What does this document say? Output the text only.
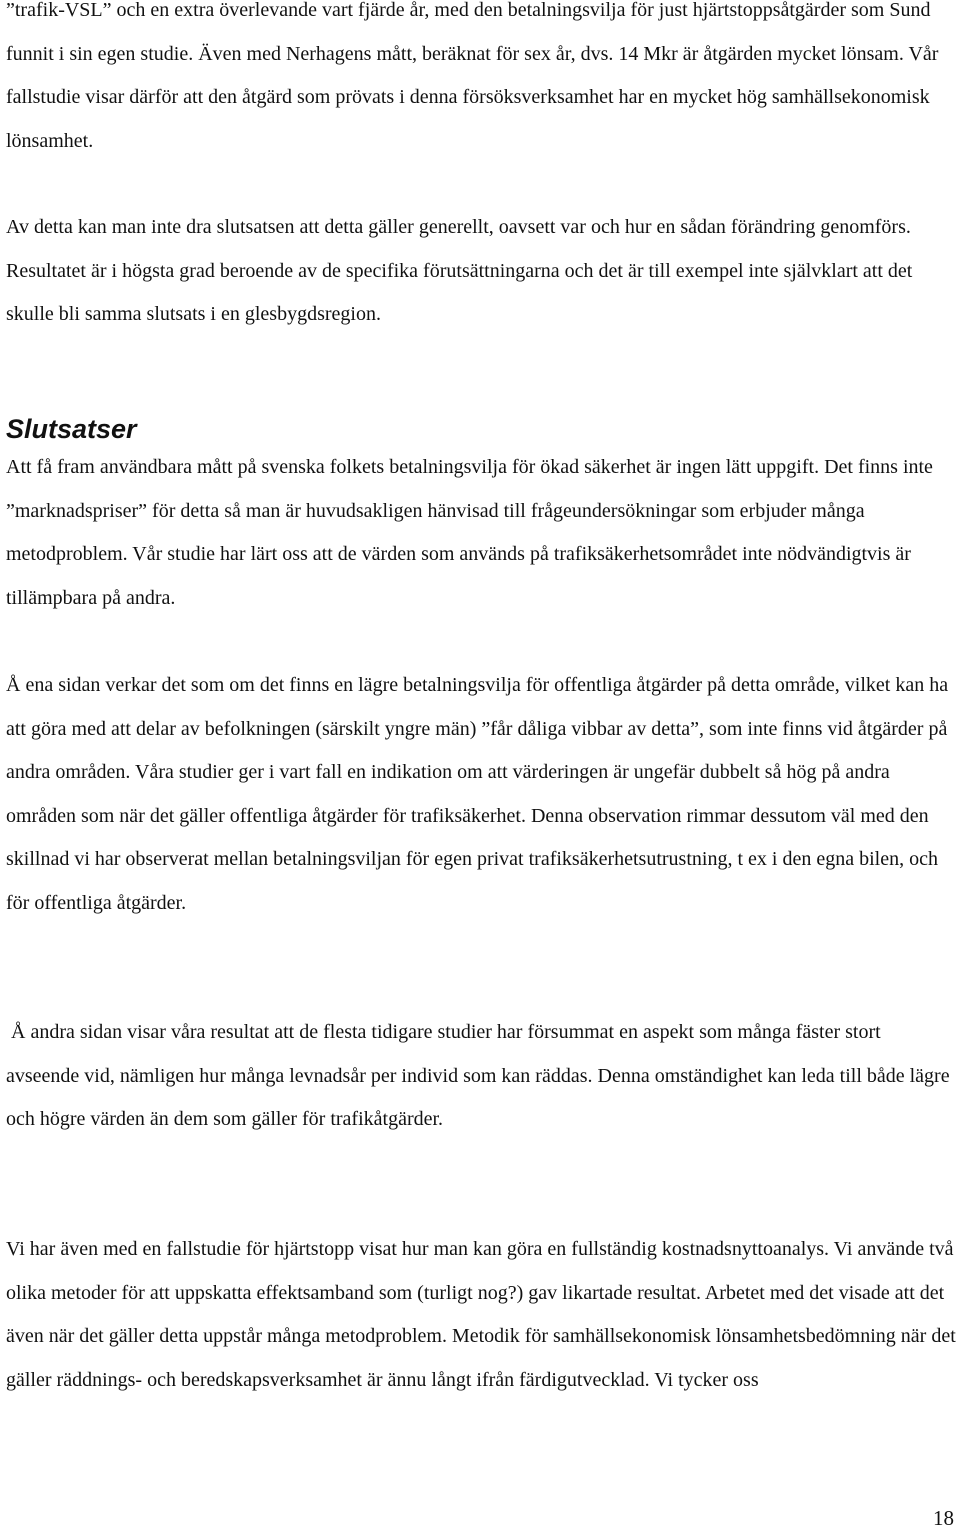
”trafik-VSL” och en extra överlevande vart fjärde år, med den betalningsvilja för just hjärtstoppsåtgärder som Sund funnit i sin egen studie. Även med Nerhagens mått, beräknat för sex år, dvs. 14 Mkr är åtgärden mycket lönsam. Vår fallstudie visar därför att den åtgärd som prövats i denna försöksverksamhet har en mycket hög samhällsekonomisk lönsamhet.

Av detta kan man inte dra slutsatsen att detta gäller generellt, oavsett var och hur en sådan förändring genomförs. Resultatet är i högsta grad beroende av de specifika förutsättningarna och det är till exempel inte självklart att det skulle bli samma slutsats i en glesbygdsregion.

Slutsatser

Att få fram användbara mått på svenska folkets betalningsvilja för ökad säkerhet är ingen lätt uppgift. Det finns inte ”marknadspriser” för detta så man är huvudsakligen hänvisad till frågeundersökningar som erbjuder många metodproblem. Vår studie har lärt oss att de värden som används på trafiksäkerhetsområdet inte nödvändigtvis är tillämpbara på andra.

Å ena sidan verkar det som om det finns en lägre betalningsvilja för offentliga åtgärder på detta område, vilket kan ha att göra med att delar av befolkningen (särskilt yngre män) ”får dåliga vibbar av detta”, som inte finns vid åtgärder på andra områden. Våra studier ger i vart fall en indikation om att värderingen är ungefär dubbelt så hög på andra områden som när det gäller offentliga åtgärder för trafiksäkerhet. Denna observation rimmar dessutom väl med den skillnad vi har observerat mellan betalningsviljan för egen privat trafiksäkerhetsutrustning, t ex i den egna bilen, och för offentliga åtgärder.

Å andra sidan visar våra resultat att de flesta tidigare studier har försummat en aspekt som många fäster stort avseende vid, nämligen hur många levnadsår per individ som kan räddas. Denna omständighet kan leda till både lägre och högre värden än dem som gäller för trafikåtgärder.

Vi har även med en fallstudie för hjärtstopp visat hur man kan göra en fullständig kostnadsnyttoanalys. Vi använde två olika metoder för att uppskatta effektsamband som (turligt nog?) gav likartade resultat. Arbetet med det visade att det även när det gäller detta uppstår många metodproblem. Metodik för samhällsekonomisk lönsamhetsbedömning när det gäller räddnings- och beredskapsverksamhet är ännu långt ifrån färdigutvecklad. Vi tycker oss

18
